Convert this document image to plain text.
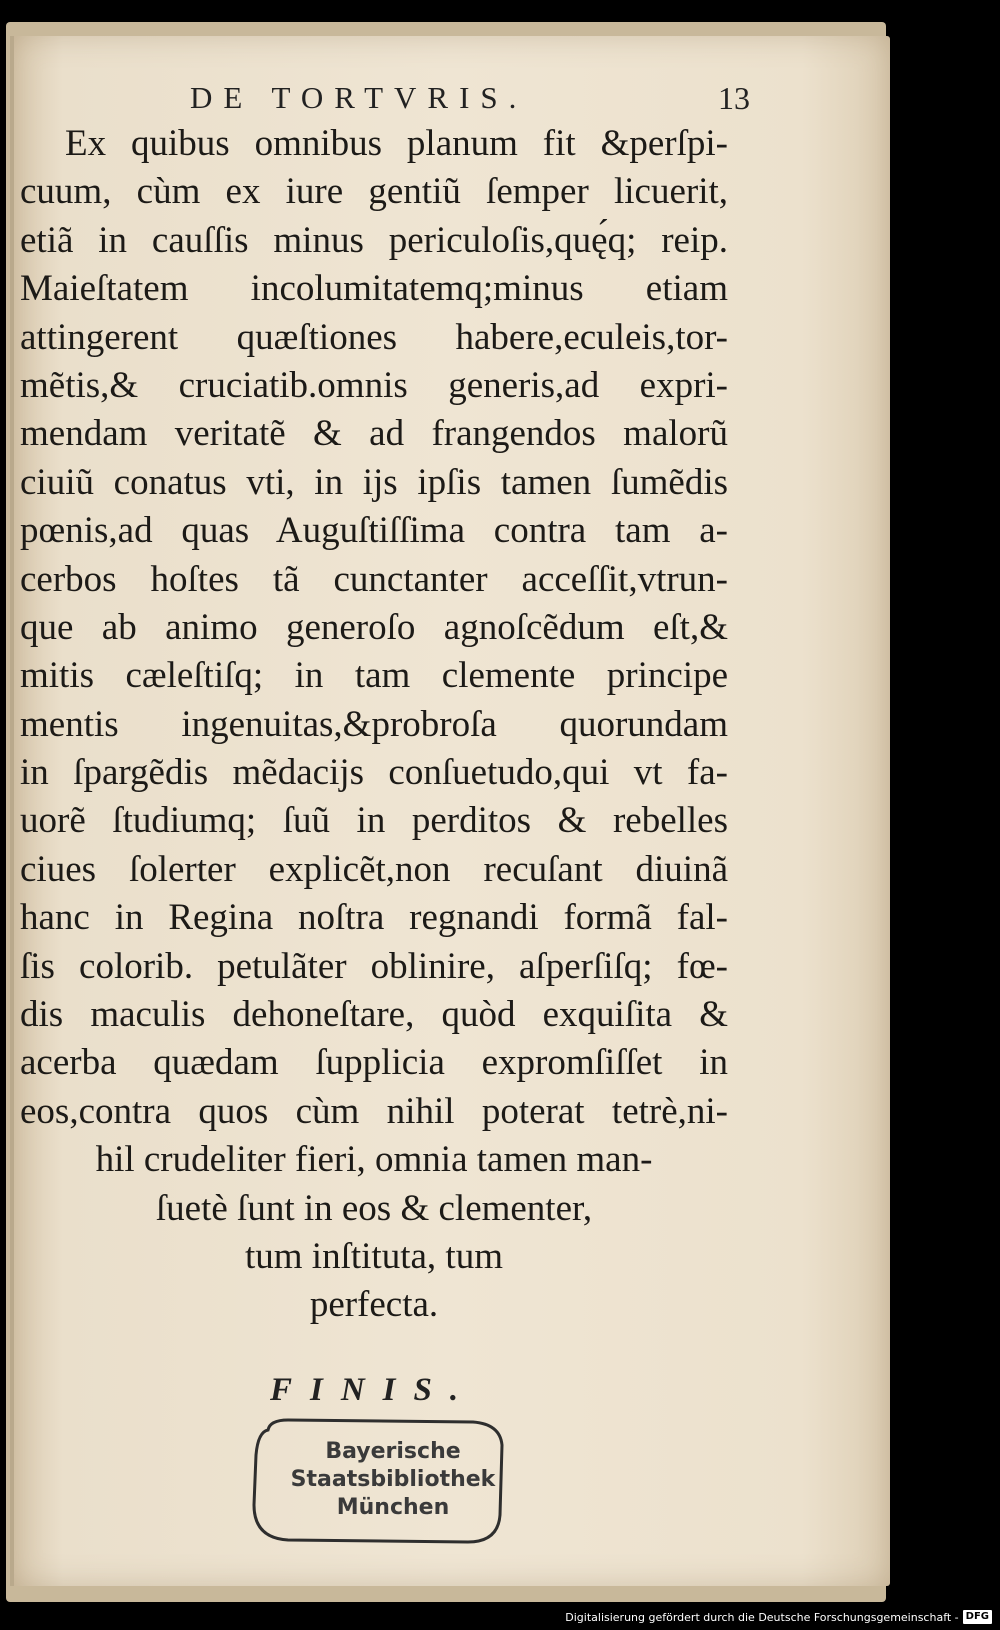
DE TORTVRIS.	13
Ex quibus omnibus planum fit &perſpi-
cuum, cùm ex iure gentiũ ſemper licuerit,
etiã in cauſſis minus periculoſis,quę́q; reip.
Maieſtatem incolumitatemq;minus etiam
attingerent quæſtiones habere,eculeis,tor-
mẽtis,& cruciatib.omnis generis,ad expri-
mendam veritatẽ & ad frangendos malorũ
ciuiũ conatus vti, in ijs ipſis tamen ſumẽdis
pœnis,ad quas Auguſtiſſima contra tam a-
cerbos hoſtes tã cunctanter acceſſit,vtrun-
que ab animo generoſo agnoſcẽdum eſt,&
mitis cæleſtiſq; in tam clemente principe
mentis ingenuitas,&probroſa quorundam
in ſpargẽdis mẽdacijs conſuetudo,qui vt fa-
uorẽ ſtudiumq; ſuũ in perditos & rebelles
ciues ſolerter explicẽt,non recuſant diuinã
hanc in Regina noſtra regnandi formã fal-
ſis colorib. petulãter oblinire, aſperſiſq; fœ-
dis maculis dehoneſtare, quòd exquiſita &
acerba quædam ſupplicia expromſiſſet in
eos,contra quos cùm nihil poterat tetrè,ni-
hil crudeliter fieri, omnia tamen man-
ſuetè ſunt in eos & clementer,
tum inſtituta, tum
perfecta.
FINIS.
Bayerische
Staatsbibliothek
München
Digitalisierung gefördert durch die Deutsche Forschungsgemeinschaft - DFG
